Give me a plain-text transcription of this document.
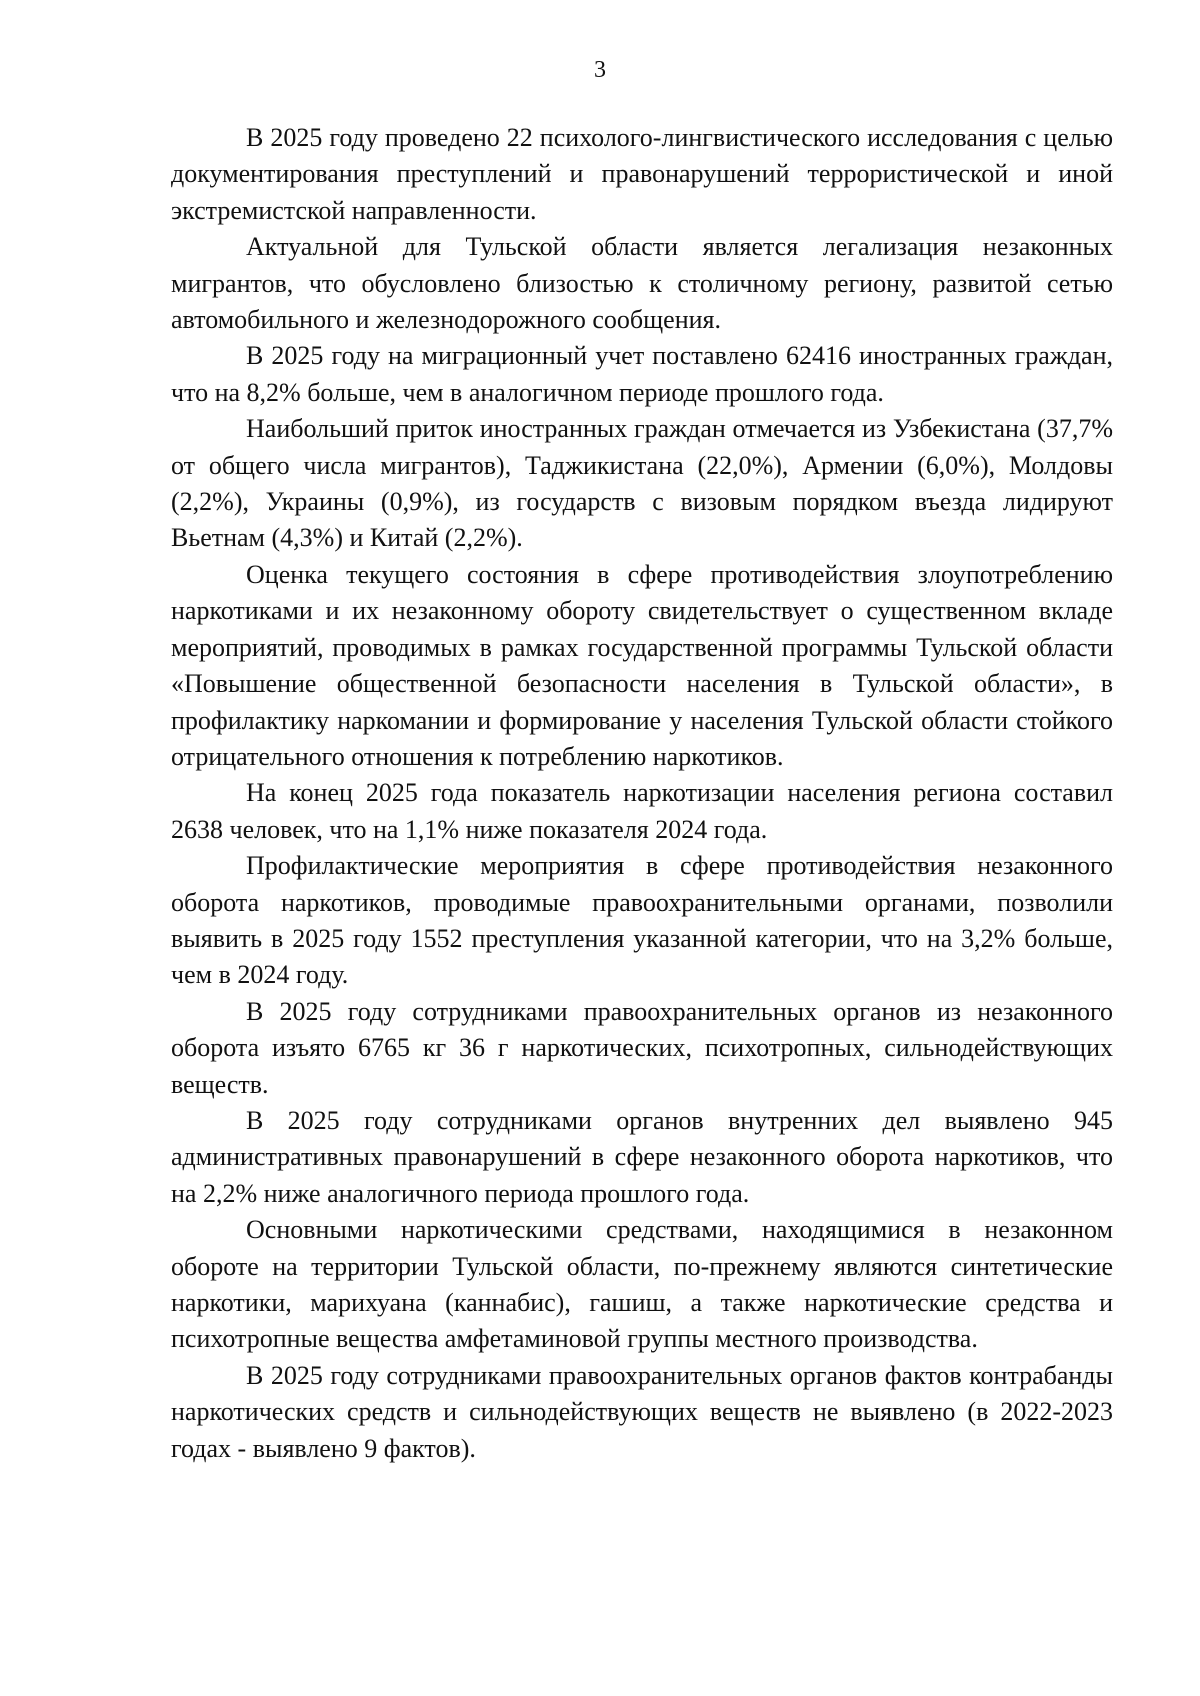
3

В 2025 году проведено 22 психолого-лингвистического исследования с целью документирования преступлений и правонарушений террористической и иной экстремистской направленности.

Актуальной для Тульской области является легализация незаконных мигрантов, что обусловлено близостью к столичному региону, развитой сетью автомобильного и железнодорожного сообщения.

В 2025 году на миграционный учет поставлено 62416 иностранных граждан, что на 8,2% больше, чем в аналогичном периоде прошлого года.

Наибольший приток иностранных граждан отмечается из Узбекистана (37,7% от общего числа мигрантов), Таджикистана (22,0%), Армении (6,0%), Молдовы (2,2%), Украины (0,9%), из государств с визовым порядком въезда лидируют Вьетнам (4,3%) и Китай (2,2%).

Оценка текущего состояния в сфере противодействия злоупотреблению наркотиками и их незаконному обороту свидетельствует о существенном вкладе мероприятий, проводимых в рамках государственной программы Тульской области «Повышение общественной безопасности населения в Тульской области», в профилактику наркомании и формирование у населения Тульской области стойкого отрицательного отношения к потреблению наркотиков.

На конец 2025 года показатель наркотизации населения региона составил 2638 человек, что на 1,1% ниже показателя 2024 года.

Профилактические мероприятия в сфере противодействия незаконного оборота наркотиков, проводимые правоохранительными органами, позволили выявить в 2025 году 1552 преступления указанной категории, что на 3,2% больше, чем в 2024 году.

В 2025 году сотрудниками правоохранительных органов из незаконного оборота изъято 6765 кг 36 г наркотических, психотропных, сильнодействующих веществ.

В 2025 году сотрудниками органов внутренних дел выявлено 945 административных правонарушений в сфере незаконного оборота наркотиков, что на 2,2% ниже аналогичного периода прошлого года.

Основными наркотическими средствами, находящимися в незаконном обороте на территории Тульской области, по-прежнему являются синтетические наркотики, марихуана (каннабис), гашиш, а также наркотические средства и психотропные вещества амфетаминовой группы местного производства.

В 2025 году сотрудниками правоохранительных органов фактов контрабанды наркотических средств и сильнодействующих веществ не выявлено (в 2022-2023 годах - выявлено 9 фактов).
